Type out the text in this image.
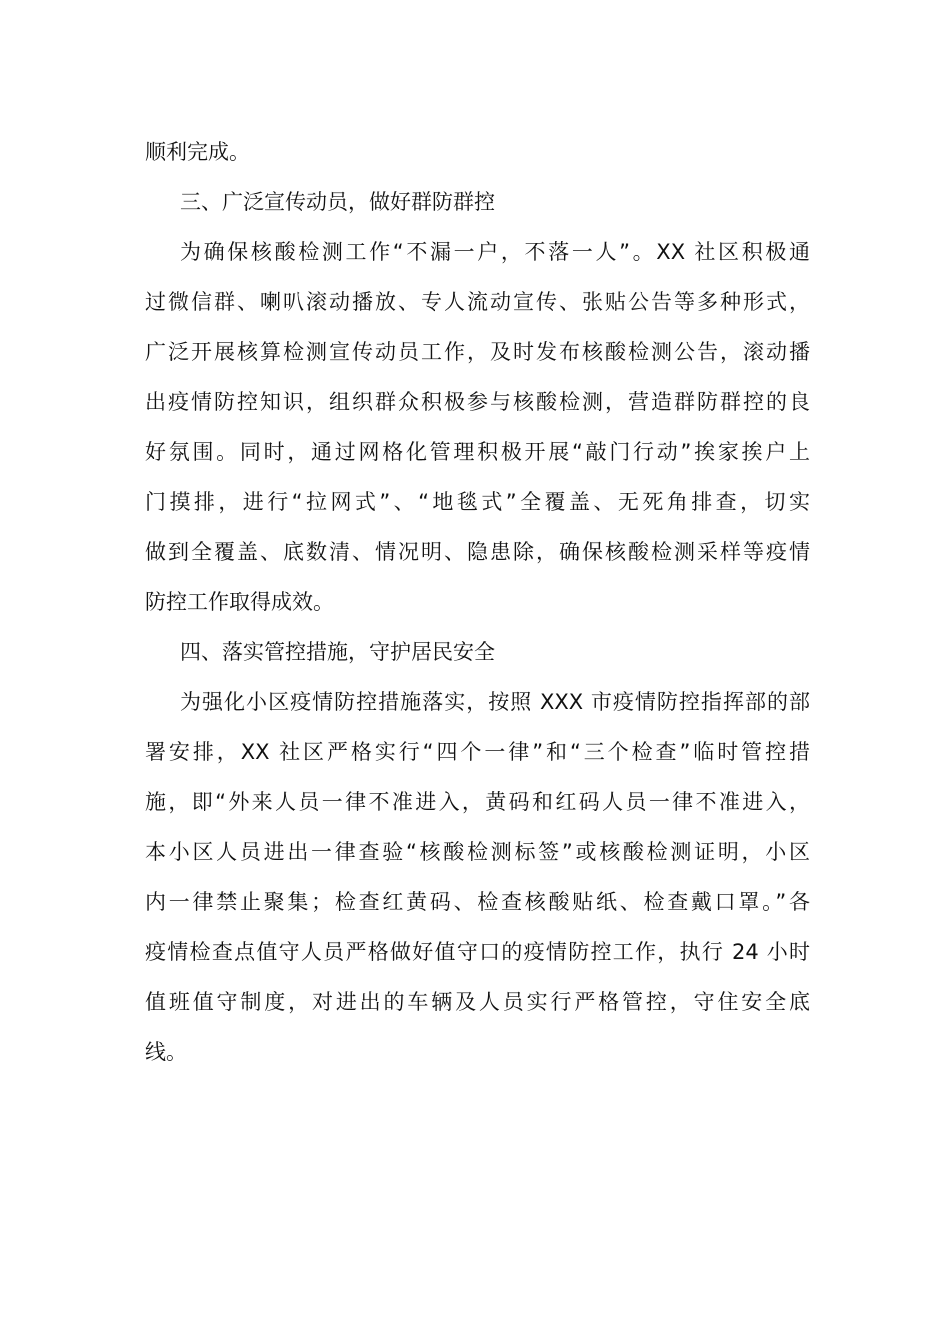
顺利完成。
三、广泛宣传动员，做好群防群控
为确保核酸检测工作“不漏一户，不落一人”。XX 社区积极通
过微信群、喇叭滚动播放、专人流动宣传、张贴公告等多种形式，
广泛开展核算检测宣传动员工作，及时发布核酸检测公告，滚动播
出疫情防控知识，组织群众积极参与核酸检测，营造群防群控的良
好氛围。同时，通过网格化管理积极开展“敲门行动”挨家挨户上
门摸排，进行“拉网式”、“地毯式”全覆盖、无死角排查，切实
做到全覆盖、底数清、情况明、隐患除，确保核酸检测采样等疫情
防控工作取得成效。
四、落实管控措施，守护居民安全
为强化小区疫情防控措施落实，按照 XXX 市疫情防控指挥部的部
署安排，XX 社区严格实行“四个一律”和“三个检查”临时管控措
施，即“外来人员一律不准进入，黄码和红码人员一律不准进入，
本小区人员进出一律查验“核酸检测标签”或核酸检测证明，小区
内一律禁止聚集；检查红黄码、检查核酸贴纸、检查戴口罩。”各
疫情检查点值守人员严格做好值守口的疫情防控工作，执行 24 小时
值班值守制度，对进出的车辆及人员实行严格管控，守住安全底
线。
